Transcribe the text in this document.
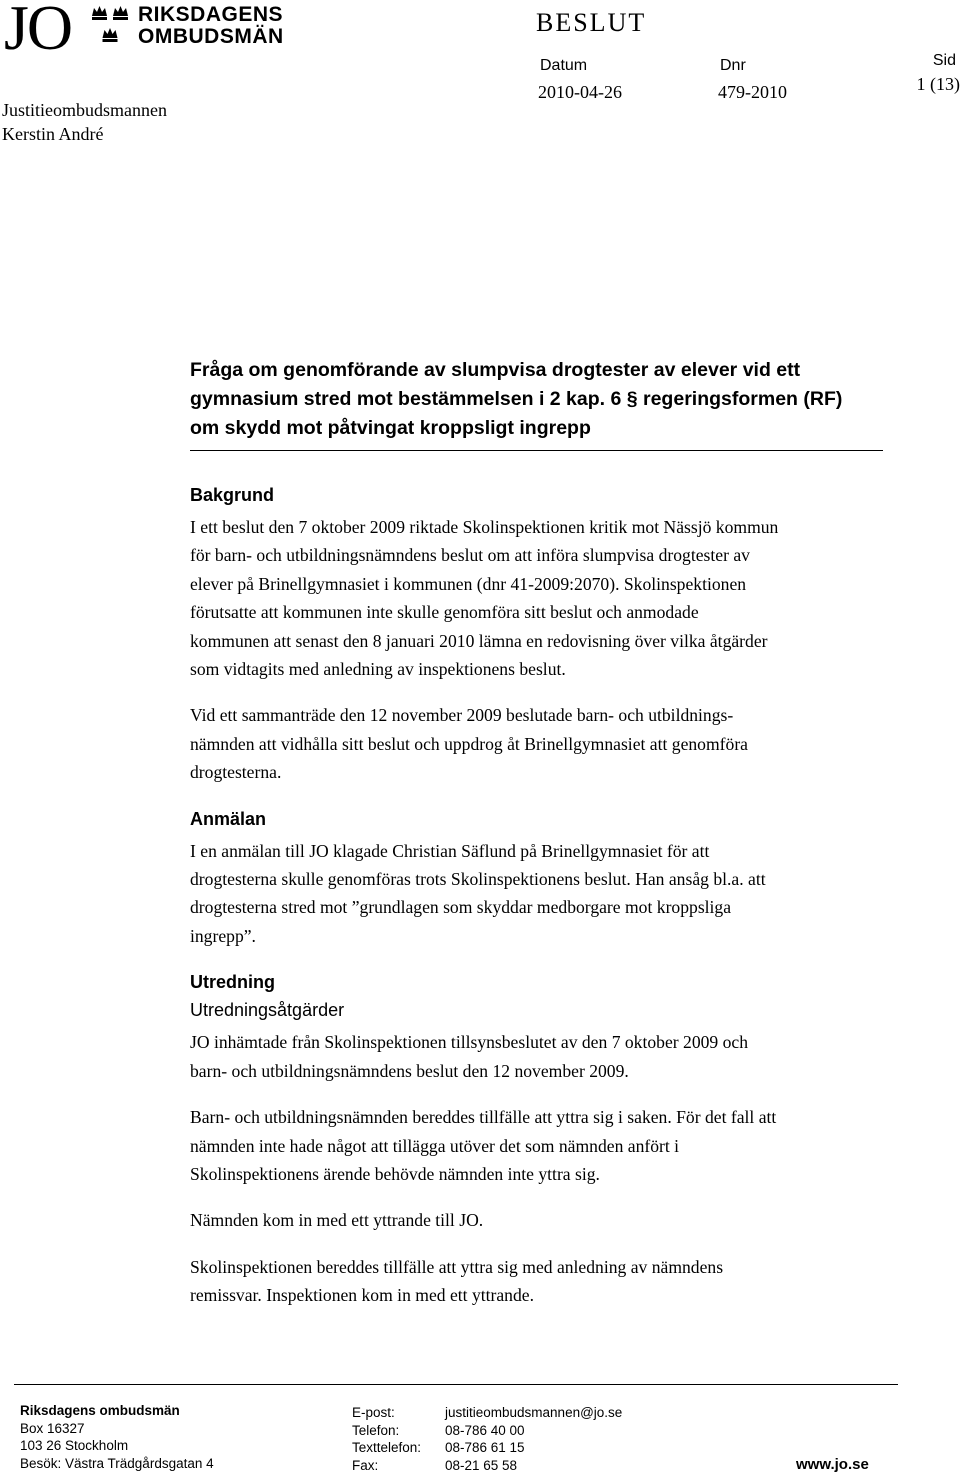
JO	RIKSDAGENS
OMBUDSMÄN
Justitieombudsmannen
Kerstin André
BESLUT
Datum
2010-04-26
Dnr
479-2010
Sid
1 (13)
Fråga om genomförande av slumpvisa drogtester av elever vid ett
gymnasium stred mot bestämmelsen i 2 kap. 6 § regeringsformen (RF)
om skydd mot påtvingat kroppsligt ingrepp
Bakgrund
I ett beslut den 7 oktober 2009 riktade Skolinspektionen kritik mot Nässjö kommun
för barn- och utbildningsnämndens beslut om att införa slumpvisa drogtester av
elever på Brinellgymnasiet i kommunen (dnr 41-2009:2070). Skolinspektionen
förutsatte att kommunen inte skulle genomföra sitt beslut och anmodade
kommunen att senast den 8 januari 2010 lämna en redovisning över vilka åtgärder
som vidtagits med anledning av inspektionens beslut.
Vid ett sammanträde den 12 november 2009 beslutade barn- och utbildnings-
nämnden att vidhålla sitt beslut och uppdrog åt Brinellgymnasiet att genomföra
drogtesterna.
Anmälan
I en anmälan till JO klagade Christian Säflund på Brinellgymnasiet för att
drogtesterna skulle genomföras trots Skolinspektionens beslut. Han ansåg bl.a. att
drogtesterna stred mot ”grundlagen som skyddar medborgare mot kroppsliga
ingrepp”.
Utredning
Utredningsåtgärder
JO inhämtade från Skolinspektionen tillsynsbeslutet av den 7 oktober 2009 och
barn- och utbildningsnämndens beslut den 12 november 2009.
Barn- och utbildningsnämnden bereddes tillfälle att yttra sig i saken. För det fall att
nämnden inte hade något att tillägga utöver det som nämnden anfört i
Skolinspektionens ärende behövde nämnden inte yttra sig.
Nämnden kom in med ett yttrande till JO.
Skolinspektionen bereddes tillfälle att yttra sig med anledning av nämndens
remissvar. Inspektionen kom in med ett yttrande.
Riksdagens ombudsmän
Box 16327
103 26 Stockholm
Besök: Västra Trädgårdsgatan 4
E-post:	justitieombudsmannen@jo.se
Telefon:	08-786 40 00
Texttelefon:	08-786 61 15
Fax:	08-21 65 58	www.jo.se
